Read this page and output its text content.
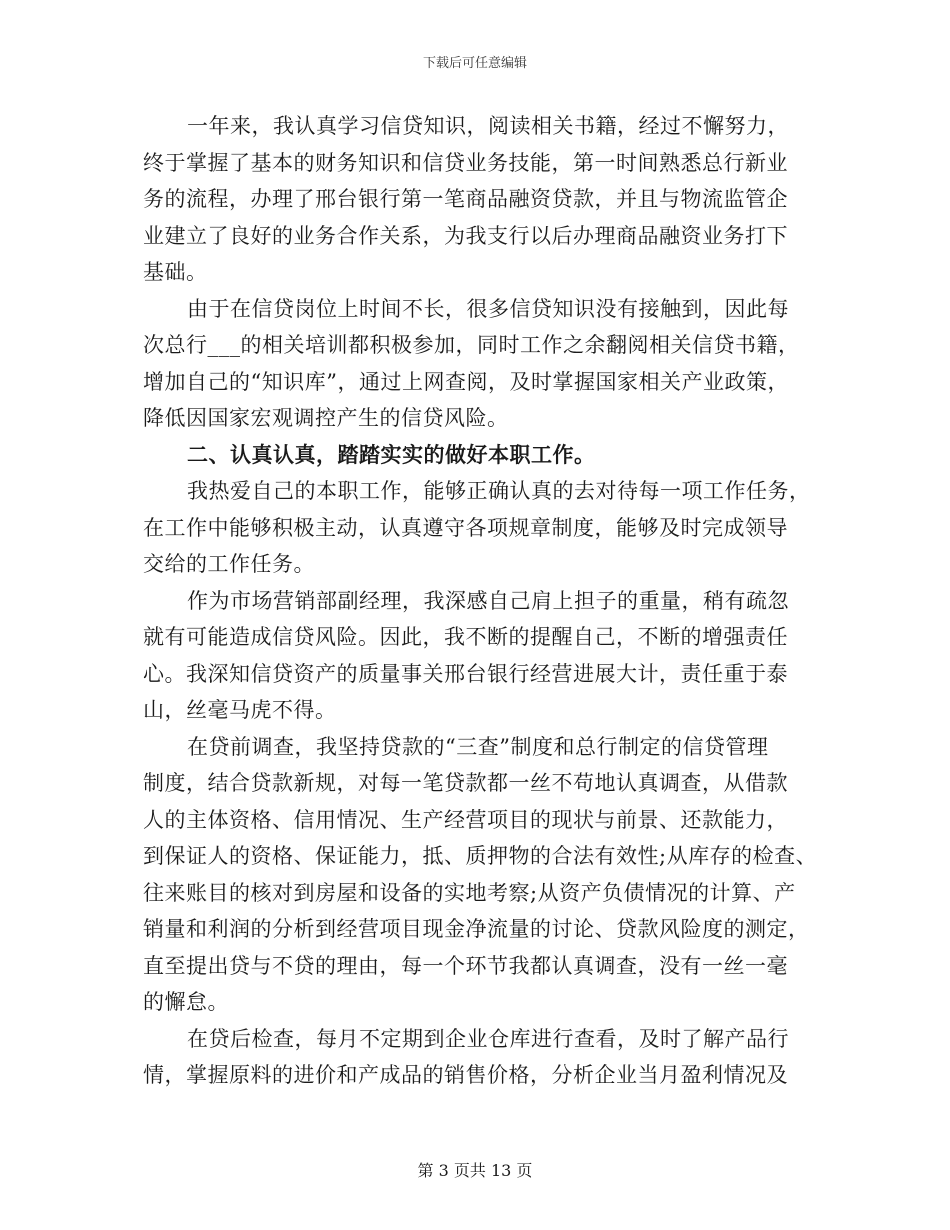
下载后可任意编辑
一年来，我认真学习信贷知识，阅读相关书籍，经过不懈努力，
终于掌握了基本的财务知识和信贷业务技能，第一时间熟悉总行新业
务的流程，办理了邢台银行第一笔商品融资贷款，并且与物流监管企
业建立了良好的业务合作关系，为我支行以后办理商品融资业务打下
基础。
由于在信贷岗位上时间不长，很多信贷知识没有接触到，因此每
次总行___的相关培训都积极参加，同时工作之余翻阅相关信贷书籍，
增加自己的“知识库”，通过上网查阅，及时掌握国家相关产业政策，
降低因国家宏观调控产生的信贷风险。
二、认真认真，踏踏实实的做好本职工作。
我热爱自己的本职工作，能够正确认真的去对待每一项工作任务，
在工作中能够积极主动，认真遵守各项规章制度，能够及时完成领导
交给的工作任务。
作为市场营销部副经理，我深感自己肩上担子的重量，稍有疏忽
就有可能造成信贷风险。因此，我不断的提醒自己，不断的增强责任
心。我深知信贷资产的质量事关邢台银行经营进展大计，责任重于泰
山，丝毫马虎不得。
在贷前调查，我坚持贷款的“三查”制度和总行制定的信贷管理
制度，结合贷款新规，对每一笔贷款都一丝不苟地认真调查，从借款
人的主体资格、信用情况、生产经营项目的现状与前景、还款能力，
到保证人的资格、保证能力，抵、质押物的合法有效性;从库存的检查、
往来账目的核对到房屋和设备的实地考察;从资产负债情况的计算、产
销量和利润的分析到经营项目现金净流量的讨论、贷款风险度的测定，
直至提出贷与不贷的理由，每一个环节我都认真调查，没有一丝一毫
的懈怠。
在贷后检查，每月不定期到企业仓库进行查看，及时了解产品行
情，掌握原料的进价和产成品的销售价格，分析企业当月盈利情况及
第 3 页共 13 页
